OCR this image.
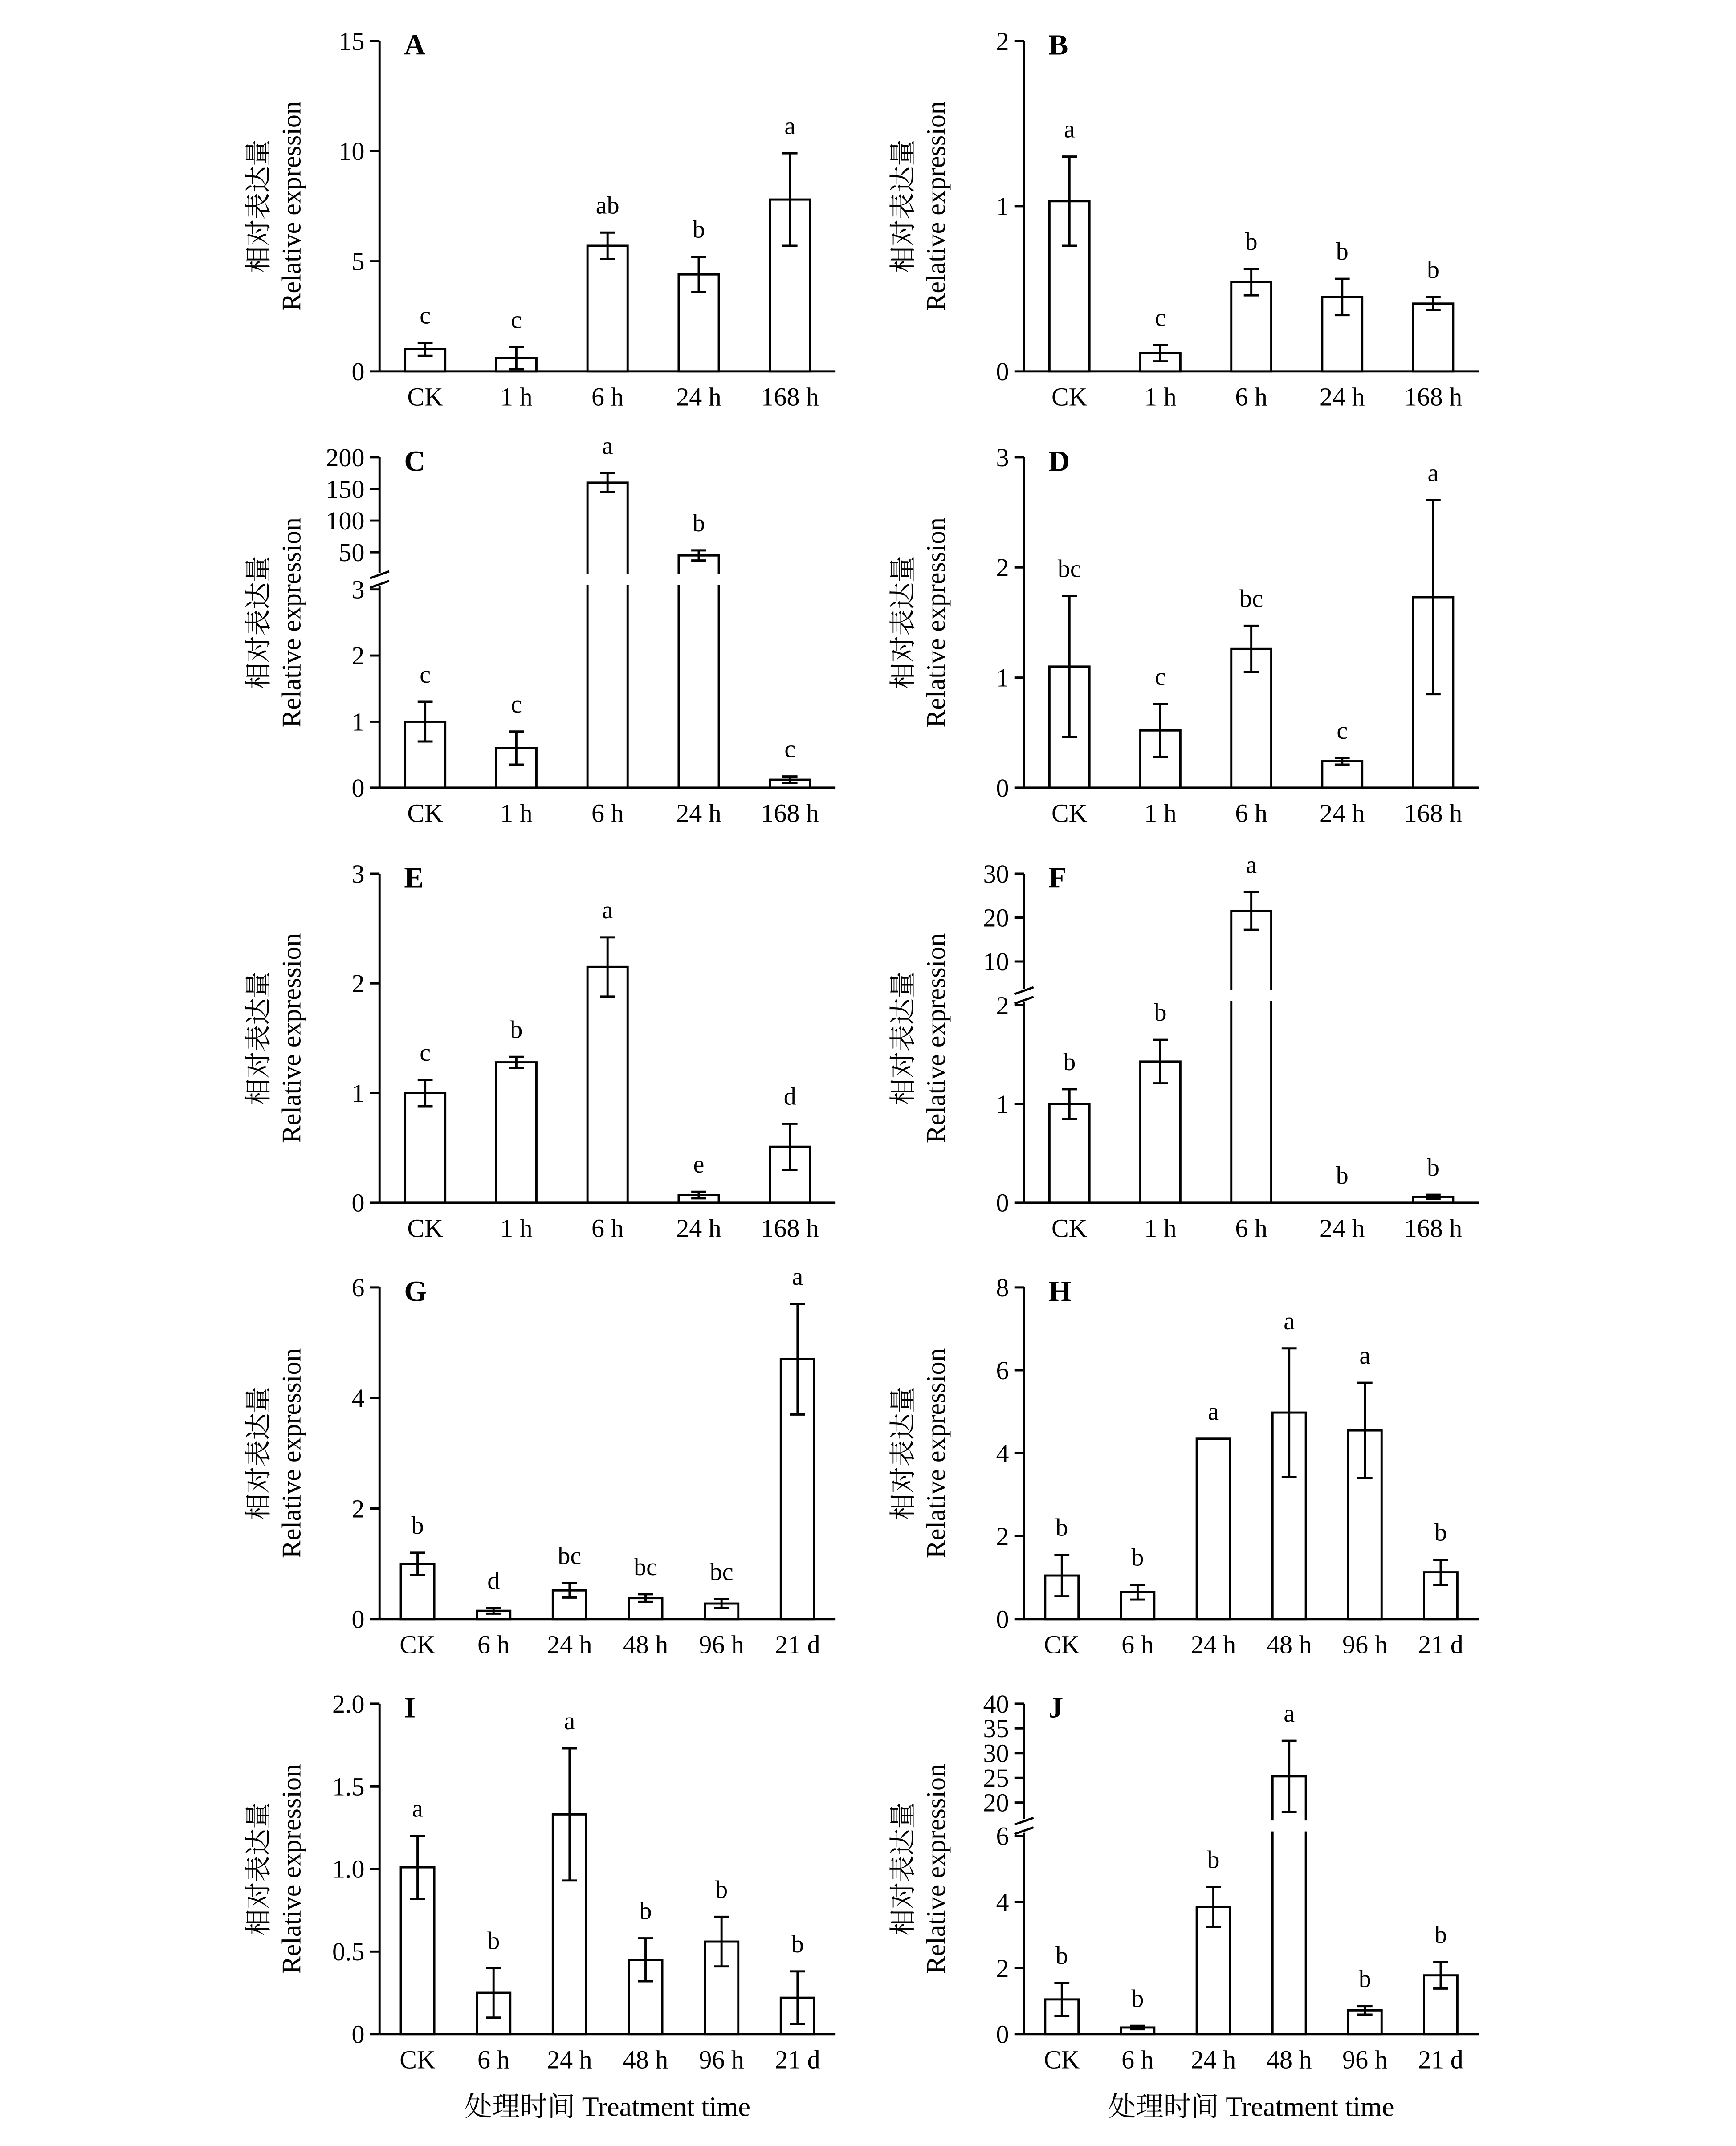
0
5
10
15
相对表达量 Relative expression
A
c
CK
c
1 h
ab
6 h
b
24 h
a
168 h
0
1
2
相对表达量 Relative expression
B
a
CK
c
1 h
b
6 h
b
24 h
b
168 h
0
1
2
3
50
100
150
200
相对表达量 Relative expression
C
c
CK
c
1 h
a
6 h
b
24 h
c
168 h
0
1
2
3
相对表达量 Relative expression
D
bc
CK
c
1 h
bc
6 h
c
24 h
a
168 h
0
1
2
3
相对表达量 Relative expression
E
c
CK
b
1 h
a
6 h
e
24 h
d
168 h
0
1
2
10
20
30
相对表达量 Relative expression
F
b
CK
b
1 h
a
6 h
b
24 h
b
168 h
0
2
4
6
相对表达量 Relative expression
G
b
CK
d
6 h
bc
24 h
bc
48 h
bc
96 h
a
21 d
0
2
4
6
8
相对表达量 Relative expression
H
b
CK
b
6 h
a
24 h
a
48 h
a
96 h
b
21 d
0
0.5
1.0
1.5
2.0
相对表达量 Relative expression
I
a
CK
b
6 h
a
24 h
b
48 h
b
96 h
b
21 d
0
2
4
6
20
25
30
35
40
相对表达量 Relative expression
J
b
CK
b
6 h
b
24 h
a
48 h
b
96 h
b
21 d
处理时间 Treatment time	处理时间 Treatment time
